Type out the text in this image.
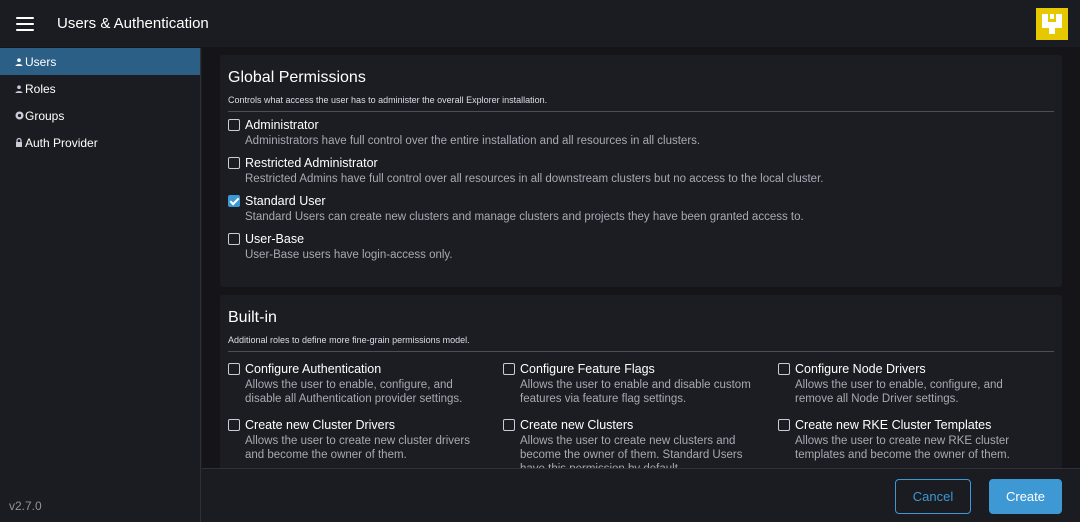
Users & Authentication
Users
Roles
Groups
Auth Provider
v2.7.0
Global Permissions
Controls what access the user has to administer the overall Explorer installation.
Administrator
Administrators have full control over the entire installation and all resources in all clusters.
Restricted Administrator
Restricted Admins have full control over all resources in all downstream clusters but no access to the local cluster.
Standard User
Standard Users can create new clusters and manage clusters and projects they have been granted access to.
User-Base
User-Base users have login-access only.
Built-in
Additional roles to define more fine-grain permissions model.
Configure Authentication
Allows the user to enable, configure, and disable all Authentication provider settings.
Configure Feature Flags
Allows the user to enable and disable custom features via feature flag settings.
Configure Node Drivers
Allows the user to enable, configure, and remove all Node Driver settings.
Create new Cluster Drivers
Allows the user to create new cluster drivers and become the owner of them.
Create new Clusters
Allows the user to create new clusters and become the owner of them. Standard Users
Create new RKE Cluster Templates
Allows the user to create new RKE cluster templates and become the owner of them.
Cancel	Create
